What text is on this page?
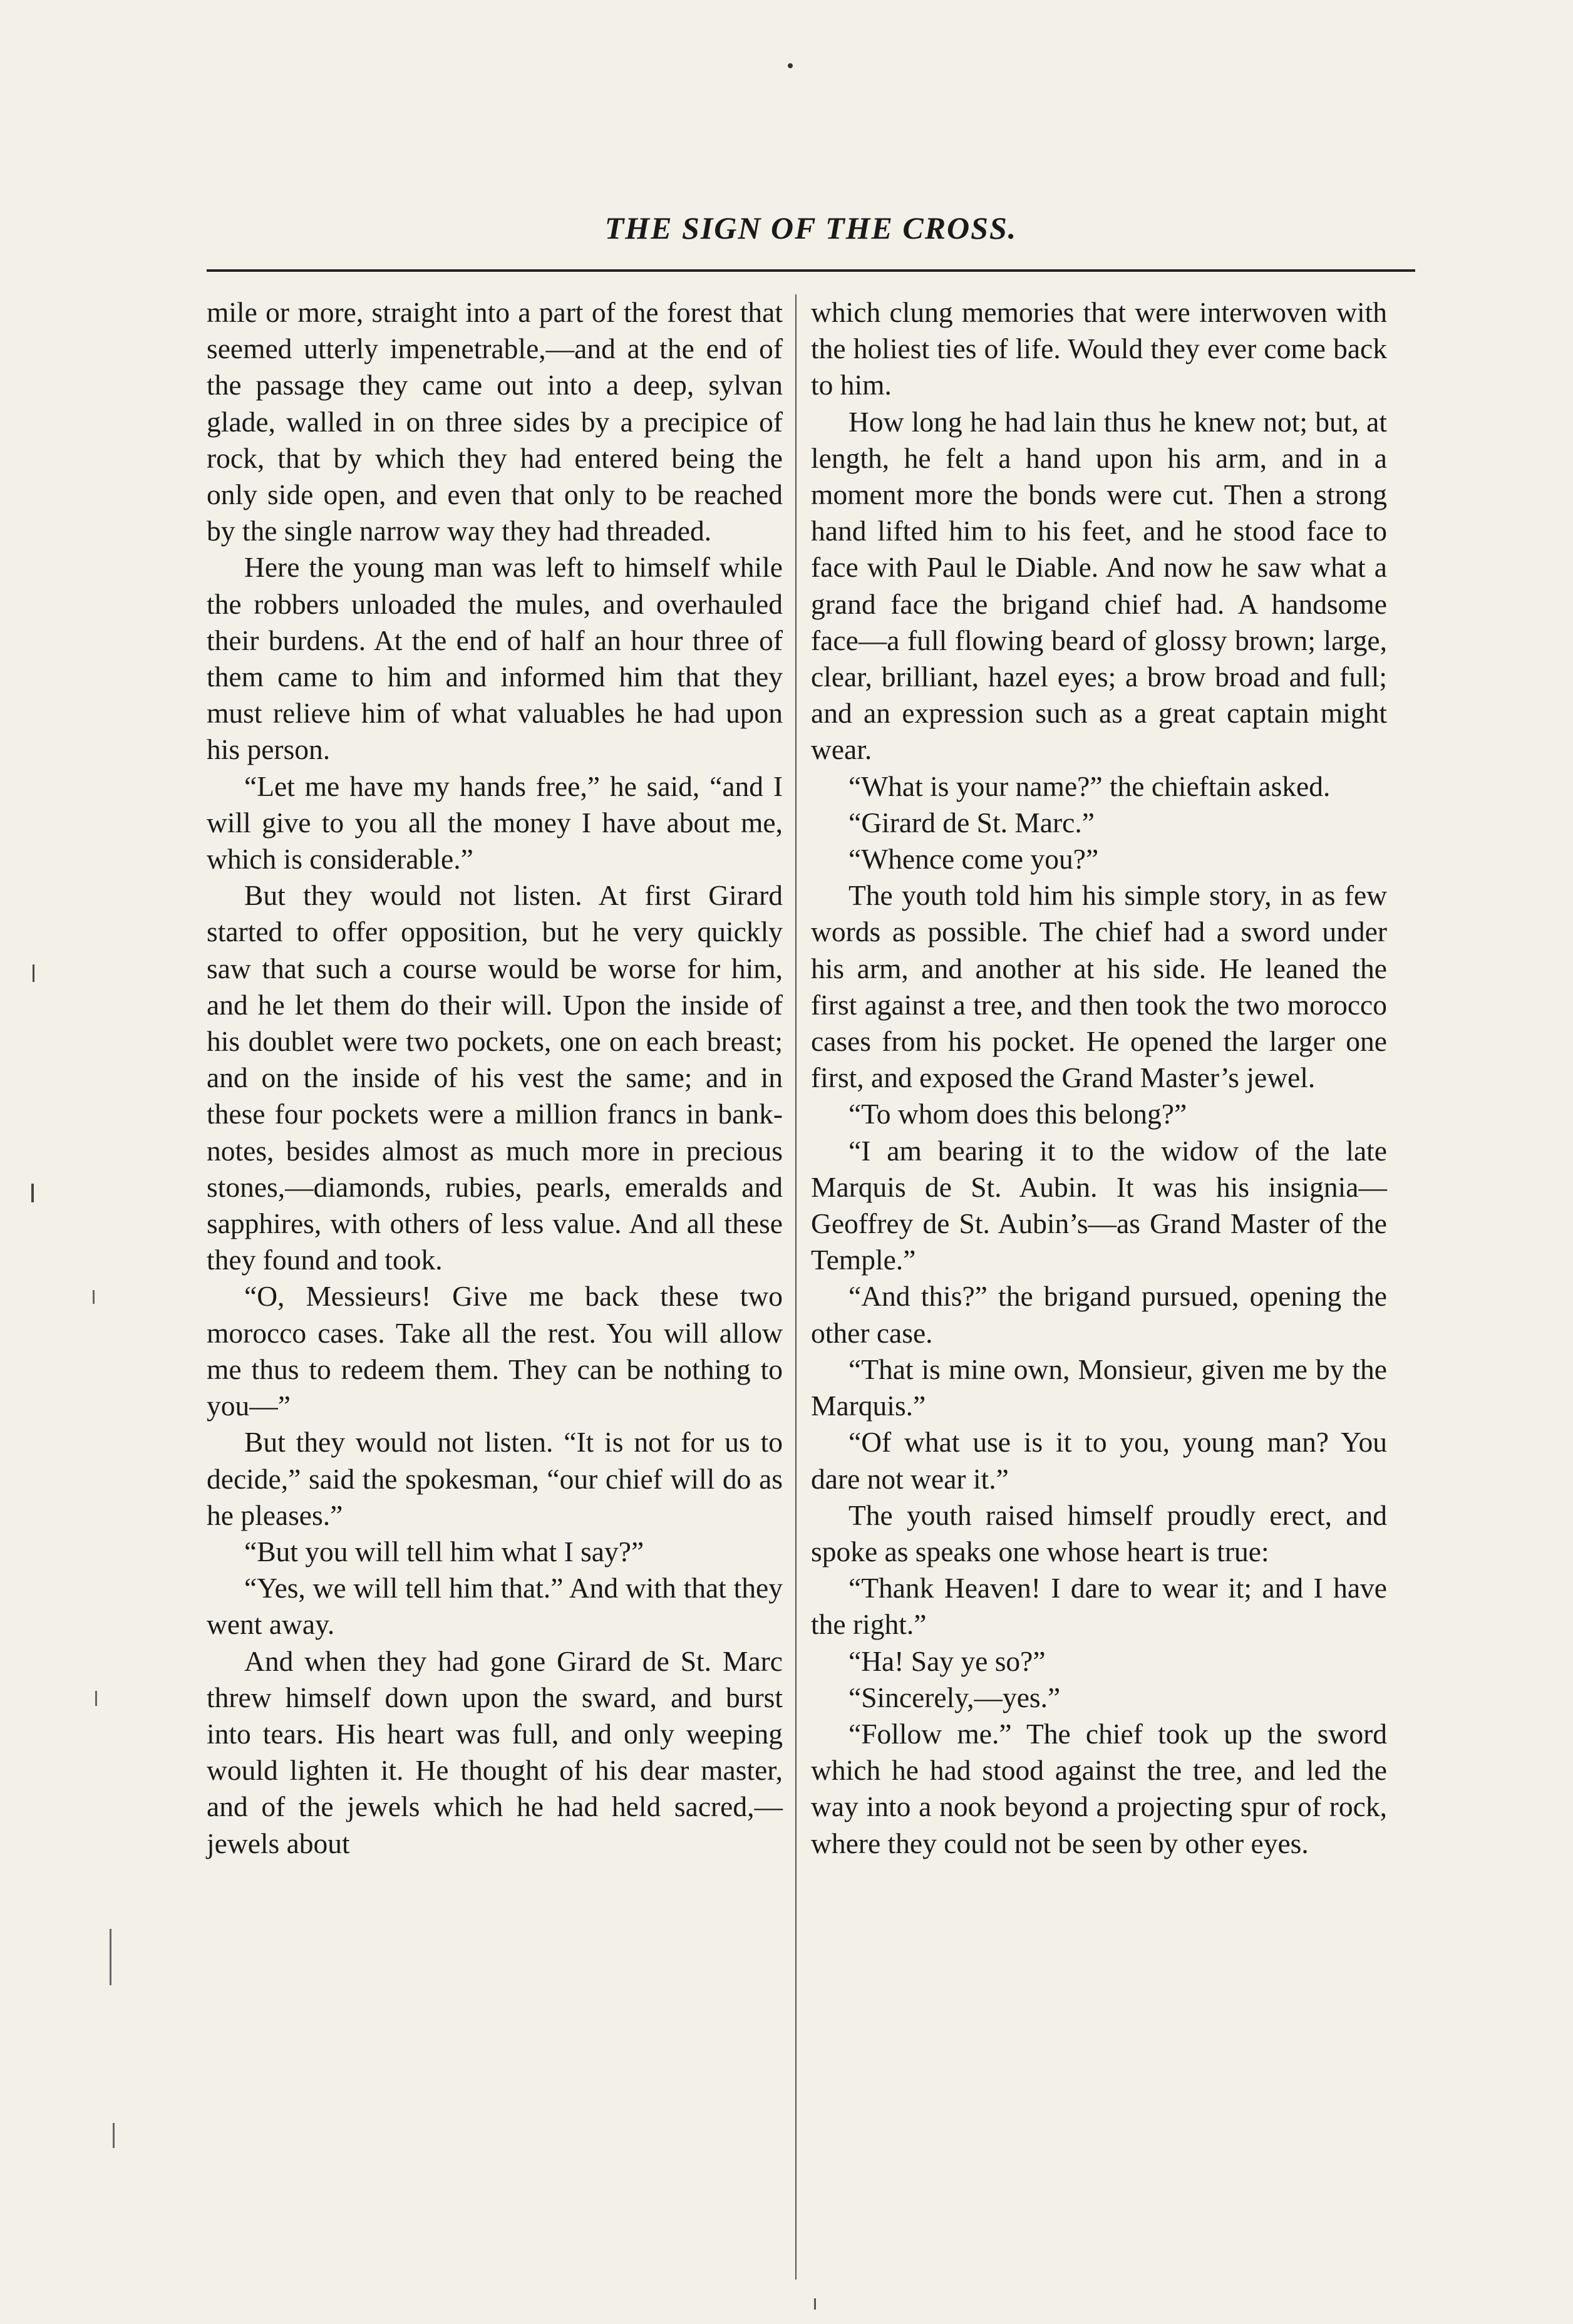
THE SIGN OF THE CROSS.

mile or more, straight into a part of the forest that seemed utterly impenetrable,—and at the end of the passage they came out into a deep, sylvan glade, walled in on three sides by a precipice of rock, that by which they had entered being the only side open, and even that only to be reached by the single narrow way they had threaded.

Here the young man was left to himself while the robbers unloaded the mules, and overhauled their burdens. At the end of half an hour three of them came to him and informed him that they must relieve him of what valuables he had upon his person.

“Let me have my hands free,” he said, “and I will give to you all the money I have about me, which is considerable.”

But they would not listen. At first Girard started to offer opposition, but he very quickly saw that such a course would be worse for him, and he let them do their will. Upon the inside of his doublet were two pockets, one on each breast; and on the inside of his vest the same; and in these four pockets were a million francs in bank-notes, besides almost as much more in precious stones,—diamonds, rubies, pearls, emeralds and sapphires, with others of less value. And all these they found and took.

“O, Messieurs! Give me back these two morocco cases. Take all the rest. You will allow me thus to redeem them. They can be nothing to you—”

But they would not listen. “It is not for us to decide,” said the spokesman, “our chief will do as he pleases.”

“But you will tell him what I say?”

“Yes, we will tell him that.” And with that they went away.

And when they had gone Girard de St. Marc threw himself down upon the sward, and burst into tears. His heart was full, and only weeping would lighten it. He thought of his dear master, and of the jewels which he had held sacred,—jewels about

which clung memories that were interwoven with the holiest ties of life. Would they ever come back to him.

How long he had lain thus he knew not; but, at length, he felt a hand upon his arm, and in a moment more the bonds were cut. Then a strong hand lifted him to his feet, and he stood face to face with Paul le Diable. And now he saw what a grand face the brigand chief had. A handsome face—a full flowing beard of glossy brown; large, clear, brilliant, hazel eyes; a brow broad and full; and an expression such as a great captain might wear.

“What is your name?” the chieftain asked.

“Girard de St. Marc.”

“Whence come you?”

The youth told him his simple story, in as few words as possible. The chief had a sword under his arm, and another at his side. He leaned the first against a tree, and then took the two morocco cases from his pocket. He opened the larger one first, and exposed the Grand Master’s jewel.

“To whom does this belong?”

“I am bearing it to the widow of the late Marquis de St. Aubin. It was his insignia—Geoffrey de St. Aubin’s—as Grand Master of the Temple.”

“And this?” the brigand pursued, opening the other case.

“That is mine own, Monsieur, given me by the Marquis.”

“Of what use is it to you, young man? You dare not wear it.”

The youth raised himself proudly erect, and spoke as speaks one whose heart is true:

“Thank Heaven! I dare to wear it; and I have the right.”

“Ha! Say ye so?”

“Sincerely,—yes.”

“Follow me.” The chief took up the sword which he had stood against the tree, and led the way into a nook beyond a projecting spur of rock, where they could not be seen by other eyes.
